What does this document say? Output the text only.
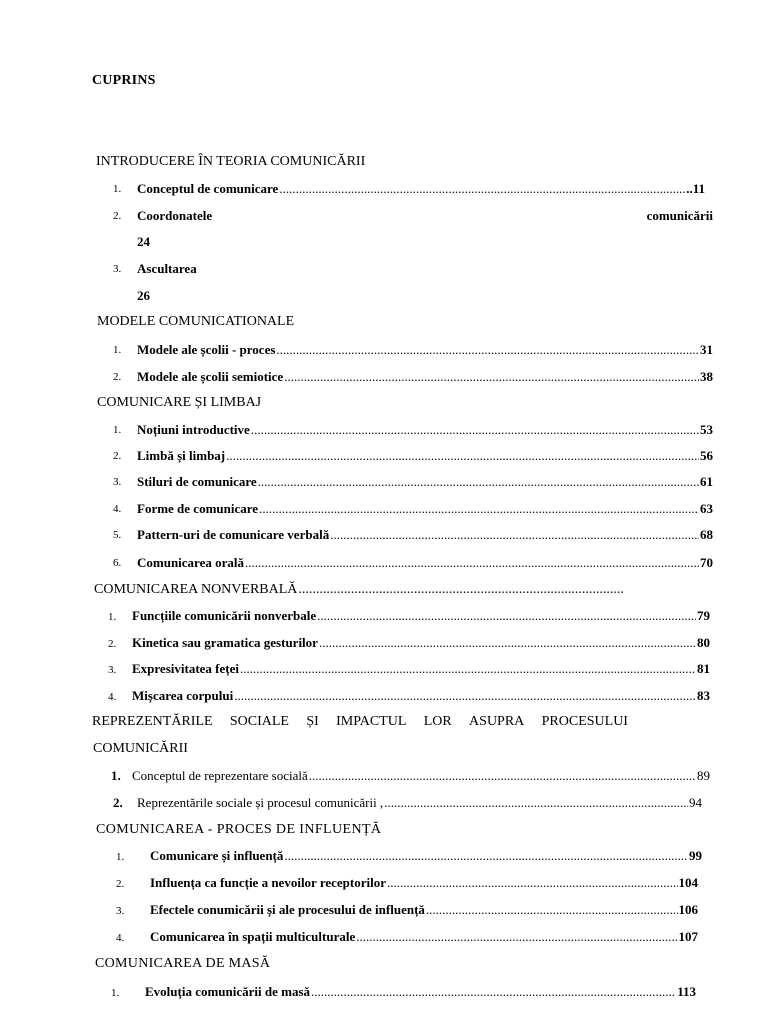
CUPRINS
INTRODUCERE ÎN TEORIA COMUNICĂRII
1. Conceptul de comunicare .....	..11
2. Coordonatele	comunicării
24
3. Ascultarea
26
MODELE COMUNICATIONALE
1. Modele ale școlii - proces .....	31
2. Modele ale școlii semiotice .....	38
COMUNICARE ȘI LIMBAJ
1. Noțiuni introductive .....	53
2. Limbă și limbaj .....	56
3. Stiluri de comunicare .....	61
4. Forme de comunicare .....	63
5. Pattern-uri de comunicare verbală .....	68
6. Comunicarea orală .....	70
COMUNICAREA NONVERBALĂ
.....
1. Funcțiile comunicării nonverbale .....	79
2. Kinetica sau gramatica gesturilor .....	80
3. Expresivitatea feței .....	81
4. Mișcarea corpului .....	83
REPREZENTĂRILE SOCIALE ȘI IMPACTUL LOR ASUPRA PROCESULUI
COMUNICĂRII
1. Conceptul de reprezentare socială .....	89
2. Reprezentările sociale și procesul comunicării , .....	94
COMUNICAREA - PROCES DE INFLUENȚĂ
1. Comunicare și influență .....	99
2. Influența ca funcție a nevoilor receptorilor .....	104
3. Efectele conumicării și ale procesului de influență .....	106
4. Comunicarea în spații multiculturale .....	107
COMUNICAREA DE MASĂ
1. Evoluția comunicării de masă .....	113
